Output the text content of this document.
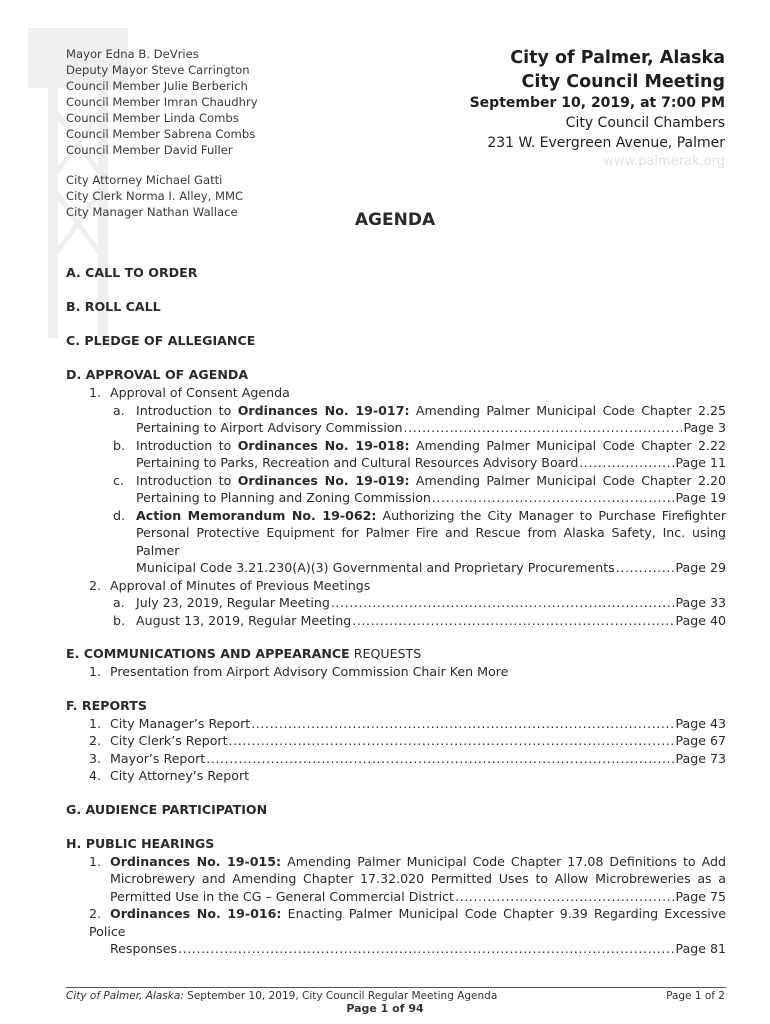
Mayor Edna B. DeVries
Deputy Mayor Steve Carrington
Council Member Julie Berberich
Council Member Imran Chaudhry
Council Member Linda Combs
Council Member Sabrena Combs
Council Member David Fuller
City Attorney Michael Gatti
City Clerk Norma I. Alley, MMC
City Manager Nathan Wallace
City of Palmer, Alaska
City Council Meeting
September 10, 2019, at 7:00 PM
City Council Chambers
231 W. Evergreen Avenue, Palmer
www.palmerak.org
AGENDA
A. CALL TO ORDER
B. ROLL CALL
C. PLEDGE OF ALLEGIANCE
D. APPROVAL OF AGENDA
1. Approval of Consent Agenda
a. Introduction to Ordinances No. 19-017: Amending Palmer Municipal Code Chapter 2.25
Pertaining to Airport Advisory Commission .....	Page 3
b. Introduction to Ordinances No. 19-018: Amending Palmer Municipal Code Chapter 2.22
Pertaining to Parks, Recreation and Cultural Resources Advisory Board .....	Page 11
c. Introduction to Ordinances No. 19-019: Amending Palmer Municipal Code Chapter 2.20
Pertaining to Planning and Zoning Commission .....	Page 19
d. Action Memorandum No. 19-062: Authorizing the City Manager to Purchase Firefighter
Personal Protective Equipment for Palmer Fire and Rescue from Alaska Safety, Inc. using Palmer
Municipal Code 3.21.230(A)(3) Governmental and Proprietary Procurements .....	Page 29
2. Approval of Minutes of Previous Meetings
a. July 23, 2019, Regular Meeting .....	Page 33
b. August 13, 2019, Regular Meeting .....	Page 40
E. COMMUNICATIONS AND APPEARANCE REQUESTS
1. Presentation from Airport Advisory Commission Chair Ken More
F. REPORTS
1. City Manager’s Report .....	Page 43
2. City Clerk’s Report .....	Page 67
3. Mayor’s Report .....	Page 73
4. City Attorney’s Report
G. AUDIENCE PARTICIPATION
H. PUBLIC HEARINGS
1. Ordinances No. 19-015: Amending Palmer Municipal Code Chapter 17.08 Definitions to Add
Microbrewery and Amending Chapter 17.32.020 Permitted Uses to Allow Microbreweries as a
Permitted Use in the CG – General Commercial District .....	Page 75
2. Ordinances No. 19-016: Enacting Palmer Municipal Code Chapter 9.39 Regarding Excessive Police
Responses .....	Page 81
City of Palmer, Alaska: September 10, 2019, City Council Regular Meeting Agenda	Page 1 of 2
Page 1 of 94
